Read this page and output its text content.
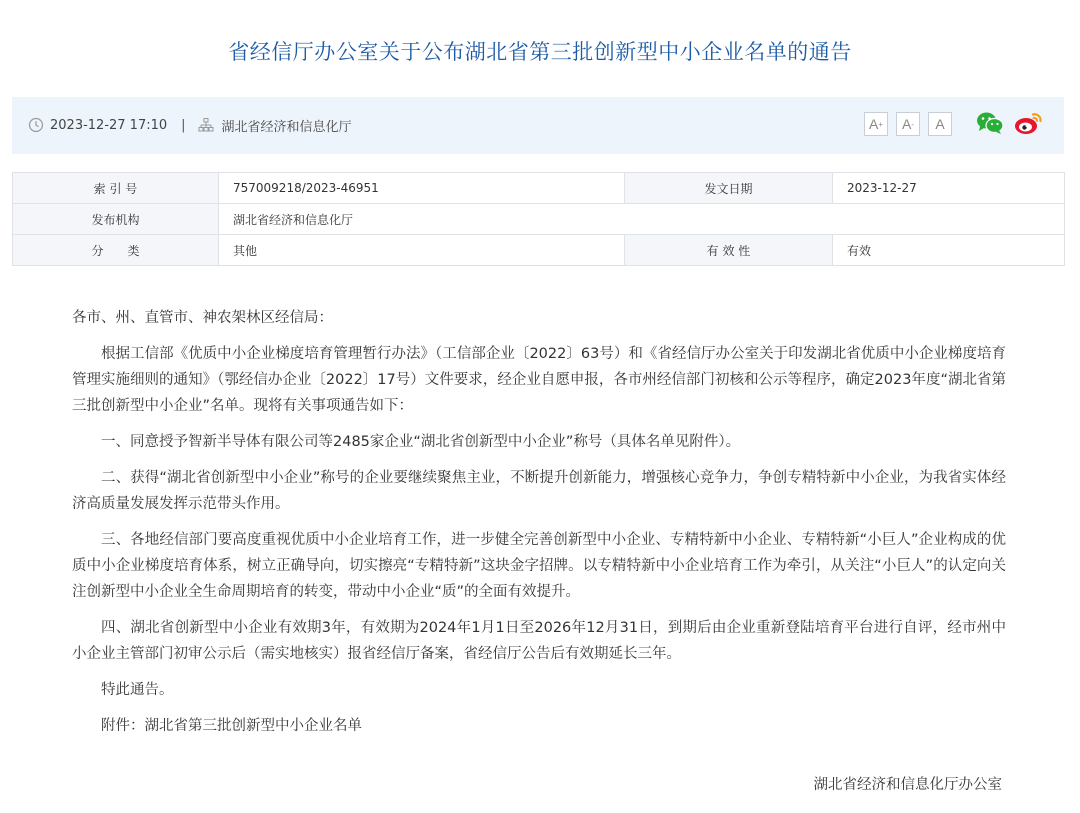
省经信厅办公室关于公布湖北省第三批创新型中小企业名单的通告
2023-12-27 17:10 |	湖北省经济和信息化厅	A +	A -	A
索 引 号	757009218/2023-46951	发文日期	2023-12-27
发布机构	湖北省经济和信息化厅		
分　　类	其他	有 效 性	有效

各市、州、直管市、神农架林区经信局：

根据工信部《优质中小企业梯度培育管理暂行办法》（工信部企业〔2022〕63号）和《省经信厅办公室关于印发湖北省优质中小企业梯度培育管理实施细则的通知》（鄂经信办企业〔2022〕17号）文件要求，经企业自愿申报，各市州经信部门初核和公示等程序，确定2023年度“湖北省第三批创新型中小企业”名单。现将有关事项通告如下：

一、同意授予智新半导体有限公司等2485家企业“湖北省创新型中小企业”称号（具体名单见附件）。

二、获得“湖北省创新型中小企业”称号的企业要继续聚焦主业，不断提升创新能力，增强核心竞争力，争创专精特新中小企业，为我省实体经济高质量发展发挥示范带头作用。

三、各地经信部门要高度重视优质中小企业培育工作，进一步健全完善创新型中小企业、专精特新中小企业、专精特新“小巨人”企业构成的优质中小企业梯度培育体系，树立正确导向，切实擦亮“专精特新”这块金字招牌。以专精特新中小企业培育工作为牵引，从关注“小巨人”的认定向关注创新型中小企业全生命周期培育的转变，带动中小企业“质”的全面有效提升。

四、湖北省创新型中小企业有效期3年，有效期为2024年1月1日至2026年12月31日，到期后由企业重新登陆培育平台进行自评，经市州中小企业主管部门初审公示后（需实地核实）报省经信厅备案，省经信厅公告后有效期延长三年。

特此通告。

附件：湖北省第三批创新型中小企业名单

湖北省经济和信息化厅办公室
